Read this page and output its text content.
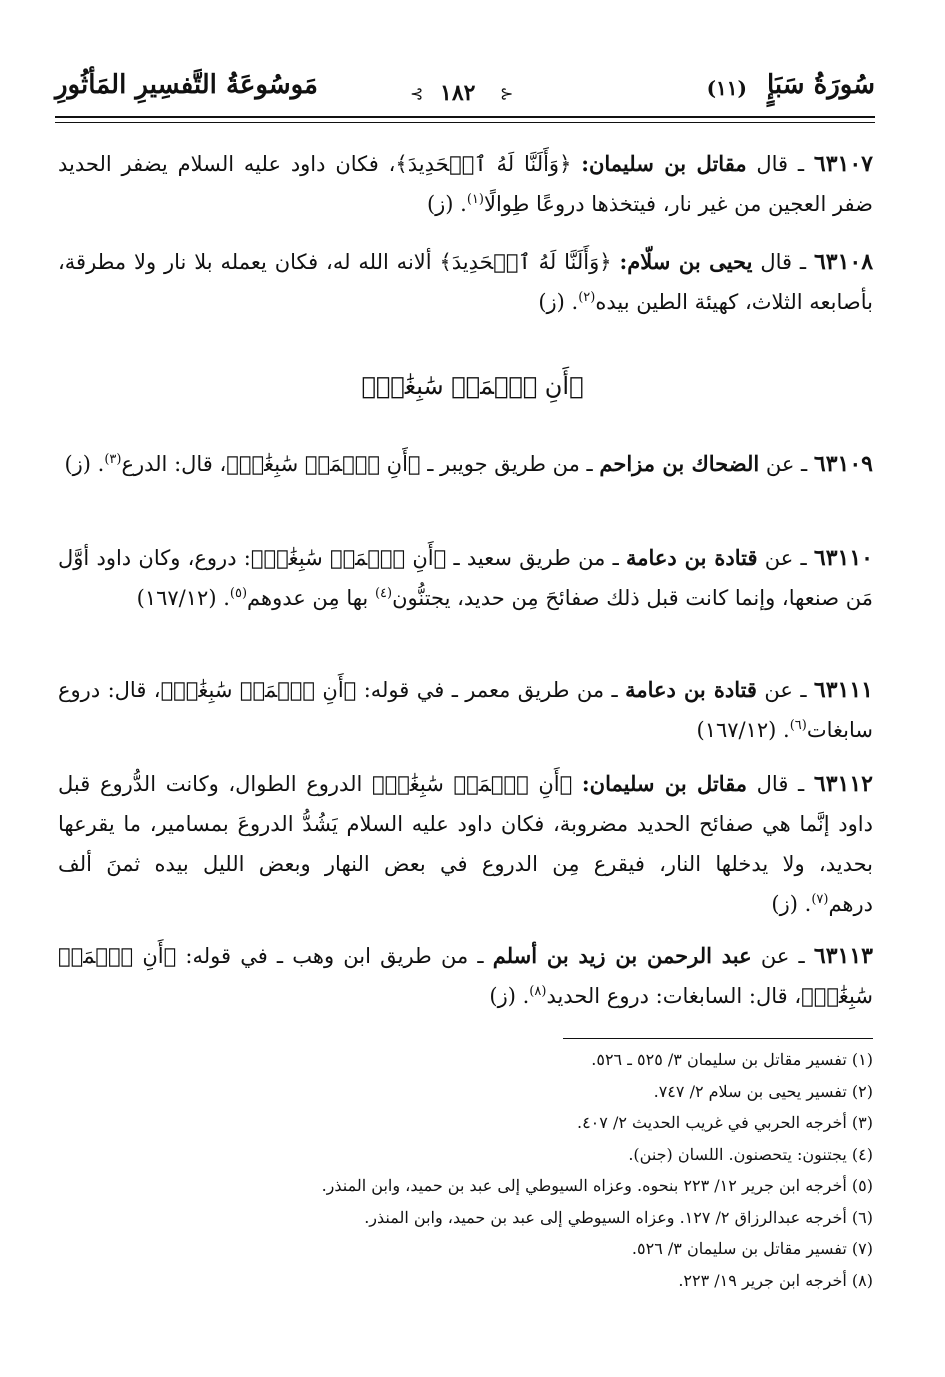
سُورَةُ سَبَإٍ
(١١)
⊱ ١٨٢ ⊰
مَوسُوعَةُ التَّفسِيرِ المَأثُورِ
٦٣١٠٧ ـ قال مقاتل بن سليمان: ﴿وَأَلَنَّا لَهُ ٱلۡحَدِيدَ﴾، فكان داود عليه السلام يضفر الحديد ضفر العجين من غير نار، فيتخذها دروعًا طِوالًا$^{(١)}$. (ز)
٦٣١٠٨ ـ قال يحيى بن سلّام: ﴿وَأَلَنَّا لَهُ ٱلۡحَدِيدَ﴾ ألانه الله له، فكان يعمله بلا نار ولا مطرقة، بأصابعه الثلاث، كهيئة الطين بيده$^{(٢)}$. (ز)
﴿أَنِ ٱعۡمَلۡ سَٰبِغَٰتٖ﴾
٦٣١٠٩ ـ عن الضحاك بن مزاحم ـ من طريق جويبر ـ ﴿أَنِ ٱعۡمَلۡ سَٰبِغَٰتٖ﴾، قال: الدرع$^{(٣)}$. (ز)
٦٣١١٠ ـ عن قتادة بن دعامة ـ من طريق سعيد ـ ﴿أَنِ ٱعۡمَلۡ سَٰبِغَٰتٖ﴾: دروع، وكان داود أوَّل مَن صنعها، وإنما كانت قبل ذلك صفائحَ مِن حديد، يجتنُّون$^{(٤)}$ بها مِن عدوهم$^{(٥)}$. (١٦٧/١٢)
٦٣١١١ ـ عن قتادة بن دعامة ـ من طريق معمر ـ في قوله: ﴿أَنِ ٱعۡمَلۡ سَٰبِغَٰتٖ﴾، قال: دروع سابغات$^{(٦)}$. (١٦٧/١٢)
٦٣١١٢ ـ قال مقاتل بن سليمان: ﴿أَنِ ٱعۡمَلۡ سَٰبِغَٰتٖ﴾ الدروع الطوال، وكانت الدُّروع قبل داود إنَّما هي صفائح الحديد مضروبة، فكان داود عليه السلام يَشُدُّ الدروعَ بمسامير، ما يقرعها بحديد، ولا يدخلها النار، فيقرع مِن الدروع في بعض النهار وبعض الليل بيده ثمنَ ألف درهم$^{(٧)}$. (ز)
٦٣١١٣ ـ عن عبد الرحمن بن زيد بن أسلم ـ من طريق ابن وهب ـ في قوله: ﴿أَنِ ٱعۡمَلۡ سَٰبِغَٰتٖ﴾، قال: السابغات: دروع الحديد$^{(٨)}$. (ز)
(١) تفسير مقاتل بن سليمان ٣/ ٥٢٥ ـ ٥٢٦.
(٢) تفسير يحيى بن سلام ٢/ ٧٤٧.
(٣) أخرجه الحربي في غريب الحديث ٢/ ٤٠٧.
(٤) يجتنون: يتحصنون. اللسان (جنن).
(٥) أخرجه ابن جرير ١٢/ ٢٢٣ بنحوه. وعزاه السيوطي إلى عبد بن حميد، وابن المنذر.
(٦) أخرجه عبدالرزاق ٢/ ١٢٧. وعزاه السيوطي إلى عبد بن حميد، وابن المنذر.
(٧) تفسير مقاتل بن سليمان ٣/ ٥٢٦.
(٨) أخرجه ابن جرير ١٩/ ٢٢٣.
